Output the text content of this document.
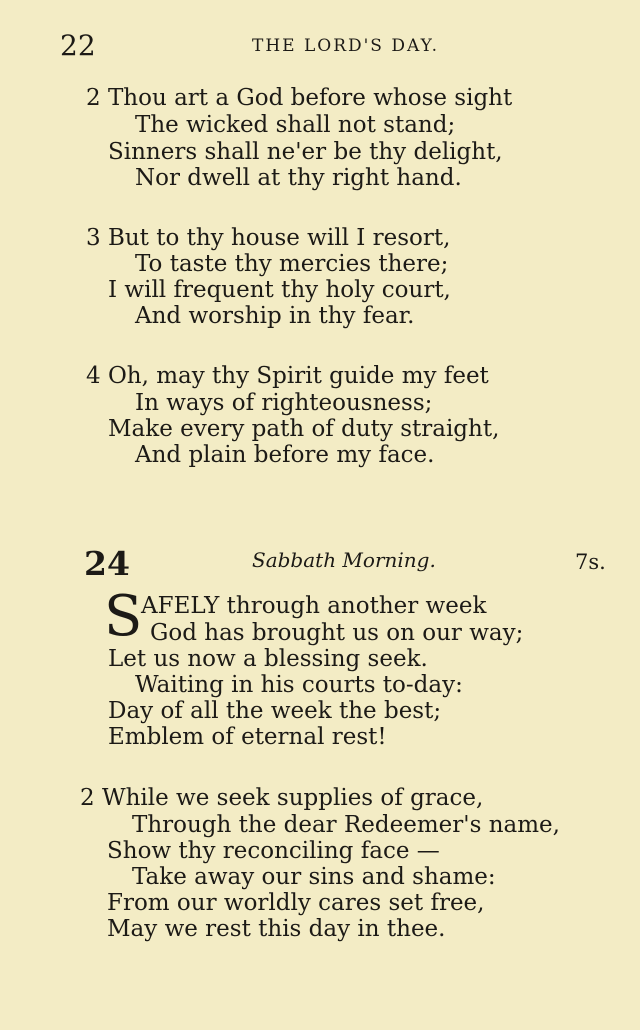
22	THE LORD'S DAY.
2 Thou art a God before whose sight
The wicked shall not stand;
Sinners shall ne'er be thy delight,
Nor dwell at thy right hand.
3 But to thy house will I resort,
To taste thy mercies there;
I will frequent thy holy court,
And worship in thy fear.
4 Oh, may thy Spirit guide my feet
In ways of righteousness;
Make every path of duty straight,
And plain before my face.
24	Sabbath Morning.	7s.
S
AFELY through another week
God has brought us on our way;
Let us now a blessing seek.
Waiting in his courts to-day:
Day of all the week the best;
Emblem of eternal rest!
2 While we seek supplies of grace,
Through the dear Redeemer's name,
Show thy reconciling face —
Take away our sins and shame:
From our worldly cares set free,
May we rest this day in thee.
